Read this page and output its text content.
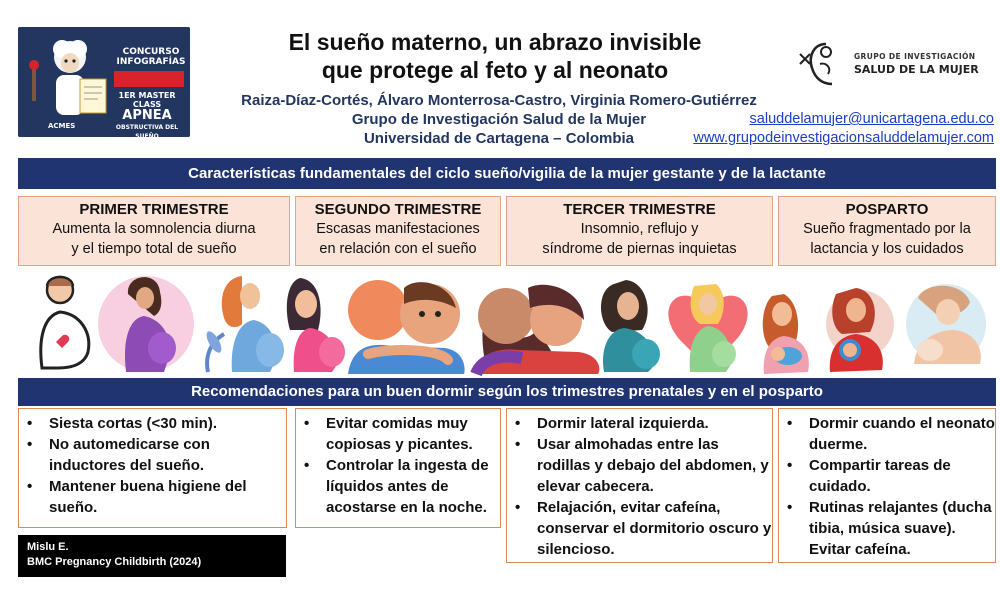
CONCURSO
INFOGRAFÍAS
1ER MASTER CLASS
APNEA
OBSTRUCTIVA DEL SUEÑO
ACMES
El sueño materno, un abrazo invisible
que protege al feto y al neonato
Raiza-Díaz-Cortés, Álvaro Monterrosa-Castro, Virginia Romero-Gutiérrez
Grupo de Investigación Salud de la Mujer
Universidad de Cartagena – Colombia
GRUPO DE INVESTIGACIÓN
SALUD DE LA MUJER
saluddelamujer@unicartagena.edu.co
www.grupodeinvestigacionsaluddelamujer.com
Características fundamentales del ciclo sueño/vigilia de la mujer gestante y de la lactante
PRIMER TRIMESTRE
Aumenta la somnolencia diurna
y el tiempo total de sueño
SEGUNDO TRIMESTRE
Escasas manifestaciones
en relación con el sueño
TERCER TRIMESTRE
Insomnio, reflujo y
síndrome de piernas inquietas
POSPARTO
Sueño fragmentado por la
lactancia y los cuidados
Recomendaciones para un buen dormir según los trimestres prenatales y en el posparto
• Siesta cortas (<30 min).
• No automedicarse con inductores del sueño.
• Mantener buena higiene del sueño.
• Evitar comidas muy copiosas y picantes.
• Controlar la ingesta de líquidos antes de acostarse en la noche.
• Dormir lateral izquierda.
• Usar almohadas entre las rodillas y debajo del abdomen, y elevar cabecera.
• Relajación, evitar cafeína, conservar el dormitorio oscuro y silencioso.
• Dormir cuando el neonato duerme.
• Compartir tareas de cuidado.
• Rutinas relajantes (ducha tibia, música suave). Evitar cafeína.
Mislu E.
BMC Pregnancy Childbirth (2024)
